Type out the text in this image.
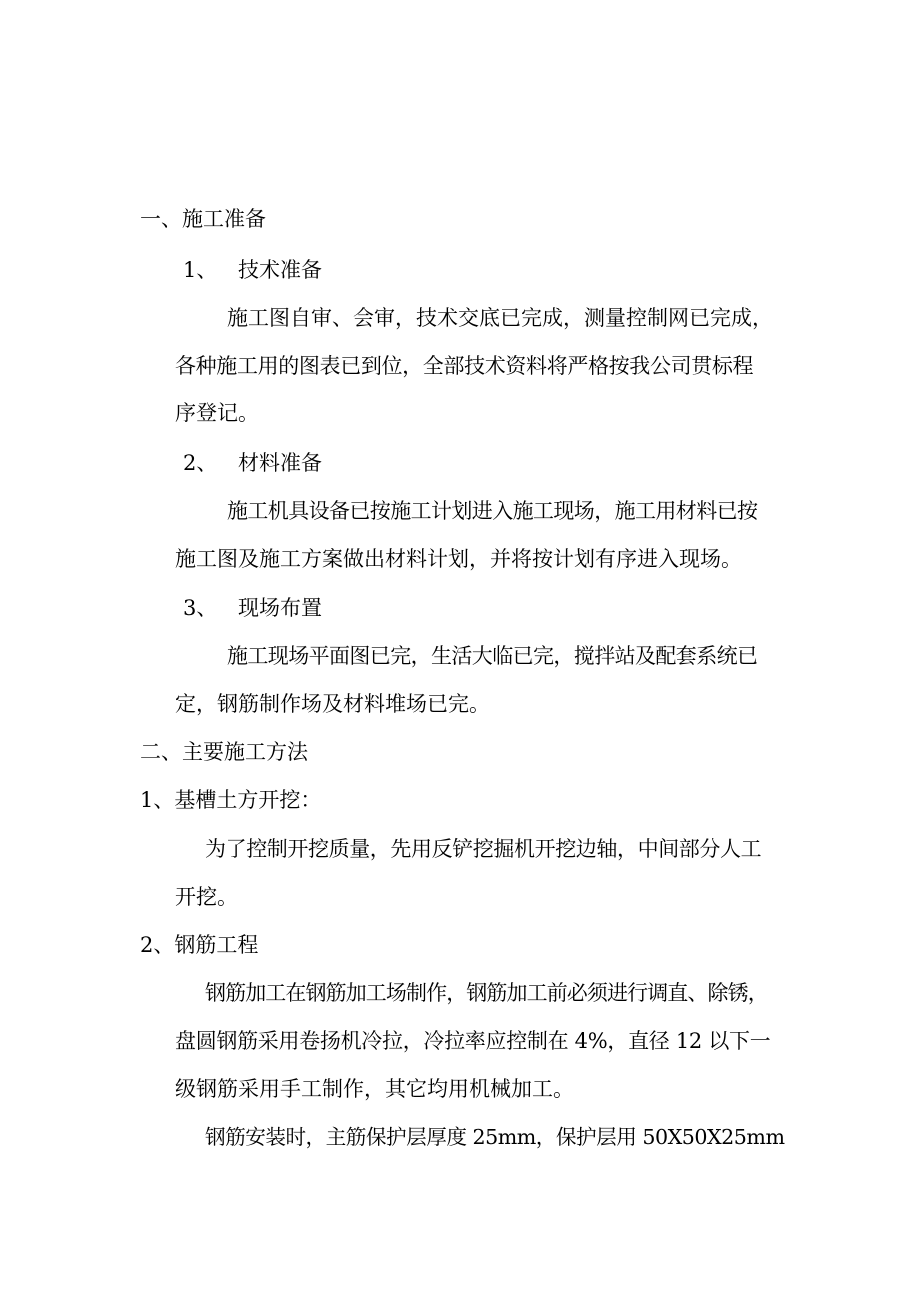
一、施工准备
1、 技术准备
施工图自审、会审，技术交底已完成，测量控制网已完成，
各种施工用的图表已到位，全部技术资料将严格按我公司贯标程
序登记。
2、 材料准备
施工机具设备已按施工计划进入施工现场，施工用材料已按
施工图及施工方案做出材料计划，并将按计划有序进入现场。
3、 现场布置
施工现场平面图已完，生活大临已完，搅拌站及配套系统已
定，钢筋制作场及材料堆场已完。
二、主要施工方法
1、基槽土方开挖：
为了控制开挖质量，先用反铲挖掘机开挖边轴，中间部分人工
开挖。
2、钢筋工程
钢筋加工在钢筋加工场制作，钢筋加工前必须进行调直、除锈，
盘圆钢筋采用卷扬机冷拉，冷拉率应控制在 4%，直径 12 以下一
级钢筋采用手工制作，其它均用机械加工。
钢筋安装时，主筋保护层厚度 25mm，保护层用 50X50X25mm
